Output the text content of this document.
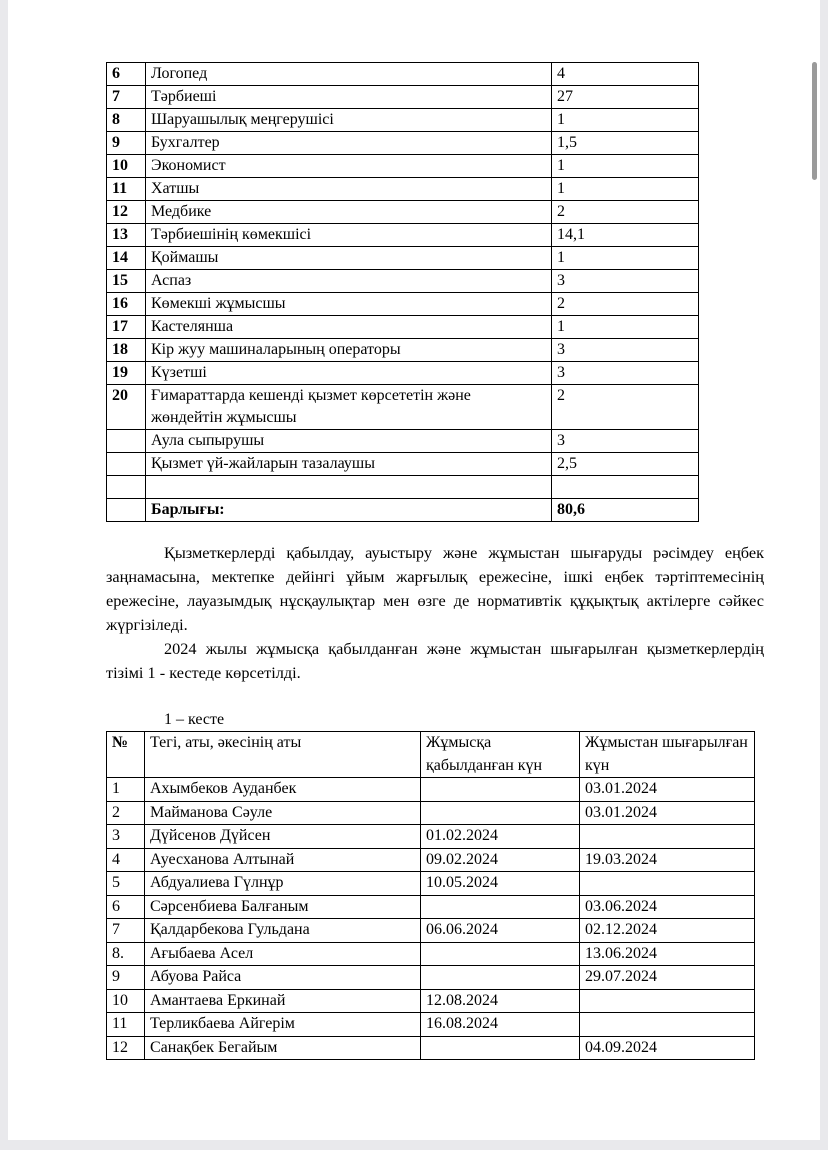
6	Логопед	4
7	Тәрбиеші	27
8	Шаруашылық меңгерушісі	1
9	Бухгалтер	1,5
10	Экономист	1
11	Хатшы	1
12	Медбике	2
13	Тәрбиешінің көмекшісі	14,1
14	Қоймашы	1
15	Аспаз	3
16	Көмекші жұмысшы	2
17	Кастелянша	1
18	Кір жуу машиналарының операторы	3
19	Күзетші	3
20	Ғимараттарда кешенді қызмет көрсететін және жөндейтін жұмысшы	2
	Аула сыпырушы	3
	Қызмет үй-жайларын тазалаушы	2,5

	Барлығы:	80,6

Қызметкерлерді қабылдау, ауыстыру және жұмыстан шығаруды рәсімдеу еңбек заңнамасына, мектепке дейінгі ұйым жарғылық ережесіне, ішкі еңбек тәртіптемесінің ережесіне, лауазымдық нұсқаулықтар мен өзге де нормативтік құқықтық актілерге сәйкес жүргізіледі.

2024 жылы жұмысқа қабылданған және жұмыстан шығарылған қызметкерлердің тізімі 1 - кестеде көрсетілді.

1 – кесте
№	Тегі, аты, әкесінің аты	Жұмысқа қабылданған күн	Жұмыстан шығарылған күн
1	Ахымбеков Ауданбек		03.01.2024
2	Майманова Сәуле		03.01.2024
3	Дүйсенов Дүйсен	01.02.2024	
4	Ауесханова Алтынай	09.02.2024	19.03.2024
5	Абдуалиева Гүлнұр	10.05.2024	
6	Сәрсенбиева Балғаным		03.06.2024
7	Қалдарбекова Гульдана	06.06.2024	02.12.2024
8.	Ағыбаева Асел		13.06.2024
9	Абуова Райса		29.07.2024
10	Амантаева Еркинай	12.08.2024	
11	Терликбаева Айгерім	16.08.2024	
12	Санақбек Бегайым		04.09.2024
